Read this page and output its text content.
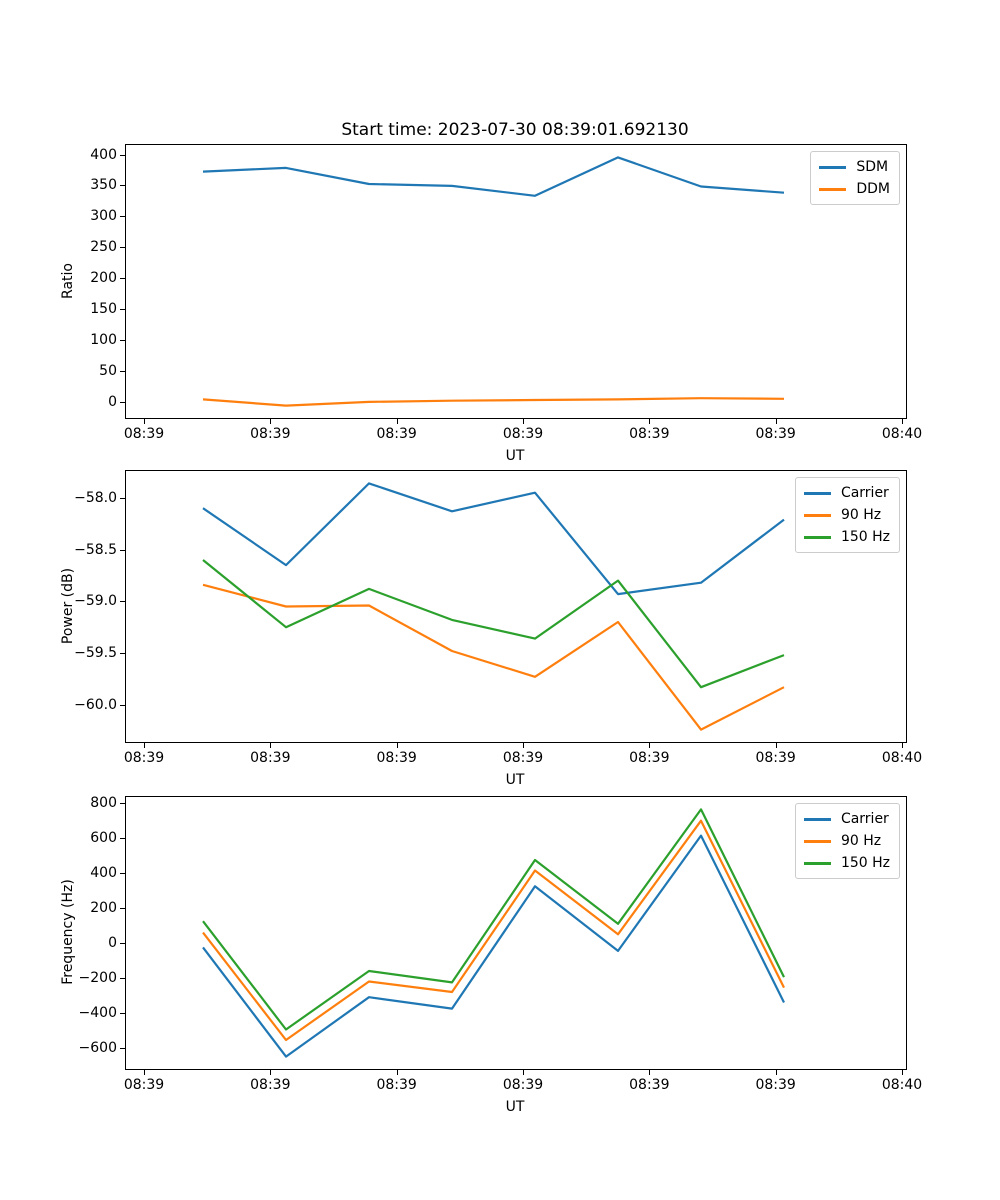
Start time: 2023-07-30 08:39:01.692130
Ratio
SDM
DDM
400
350
300
250
200
150
100
50
0
08:39	08:39	08:39	08:39	08:39	08:39	08:40
UT
Power (dB)
Carrier
90 Hz
150 Hz
−58.0
−58.5
−59.0
−59.5
−60.0
08:39	08:39	08:39	08:39	08:39	08:39	08:40
UT
Frequency (Hz)
Carrier
90 Hz
150 Hz
800
600
400
200
0
−200
−400
−600
08:39	08:39	08:39	08:39	08:39	08:39	08:40
UT
